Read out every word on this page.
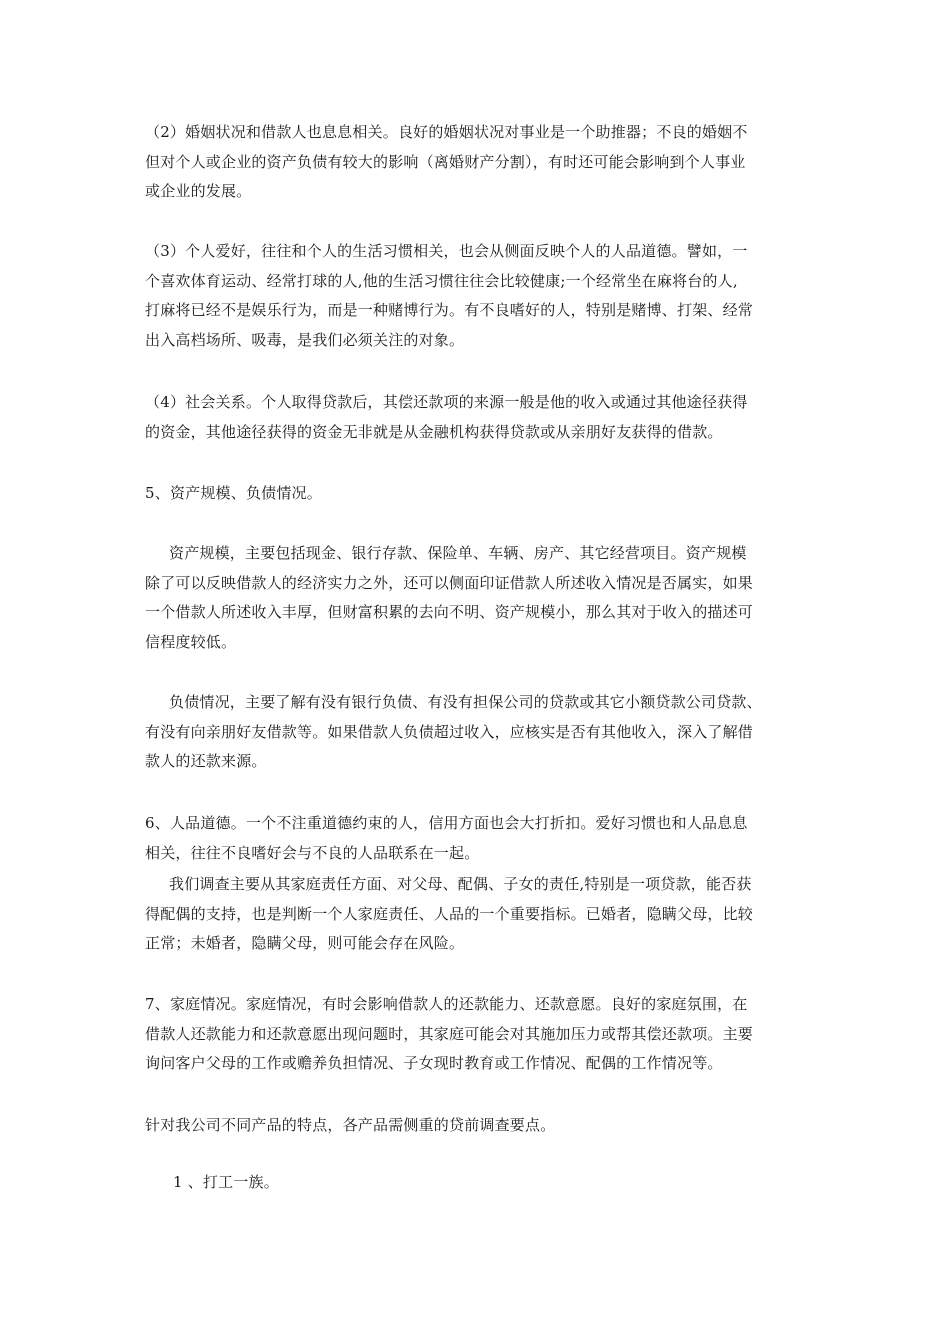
（2）婚姻状况和借款人也息息相关。良好的婚姻状况对事业是一个助推器；不良的婚姻不
但对个人或企业的资产负债有较大的影响（离婚财产分割），有时还可能会影响到个人事业
或企业的发展。
（3）个人爱好，往往和个人的生活习惯相关，也会从侧面反映个人的人品道德。譬如，一
个喜欢体育运动、经常打球的人,他的生活习惯往往会比较健康;一个经常坐在麻将台的人,
打麻将已经不是娱乐行为，而是一种赌博行为。有不良嗜好的人，特别是赌博、打架、经常
出入高档场所、吸毒，是我们必须关注的对象。
（4）社会关系。个人取得贷款后，其偿还款项的来源一般是他的收入或通过其他途径获得
的资金，其他途径获得的资金无非就是从金融机构获得贷款或从亲朋好友获得的借款。
5、资产规模、负债情况。
资产规模，主要包括现金、银行存款、保险单、车辆、房产、其它经营项目。资产规模
除了可以反映借款人的经济实力之外，还可以侧面印证借款人所述收入情况是否属实，如果
一个借款人所述收入丰厚，但财富积累的去向不明、资产规模小，那么其对于收入的描述可
信程度较低。
负债情况，主要了解有没有银行负债、有没有担保公司的贷款或其它小额贷款公司贷款、
有没有向亲朋好友借款等。如果借款人负债超过收入，应核实是否有其他收入，深入了解借
款人的还款来源。
6、人品道德。一个不注重道德约束的人，信用方面也会大打折扣。爱好习惯也和人品息息
相关，往往不良嗜好会与不良的人品联系在一起。
我们调查主要从其家庭责任方面、对父母、配偶、子女的责任,特别是一项贷款，能否获
得配偶的支持，也是判断一个人家庭责任、人品的一个重要指标。已婚者，隐瞒父母，比较
正常；未婚者，隐瞒父母，则可能会存在风险。
7、家庭情况。家庭情况，有时会影响借款人的还款能力、还款意愿。良好的家庭氛围，在
借款人还款能力和还款意愿出现问题时，其家庭可能会对其施加压力或帮其偿还款项。主要
询问客户父母的工作或赡养负担情况、子女现时教育或工作情况、配偶的工作情况等。
针对我公司不同产品的特点，各产品需侧重的贷前调查要点。
1 、打工一族。
